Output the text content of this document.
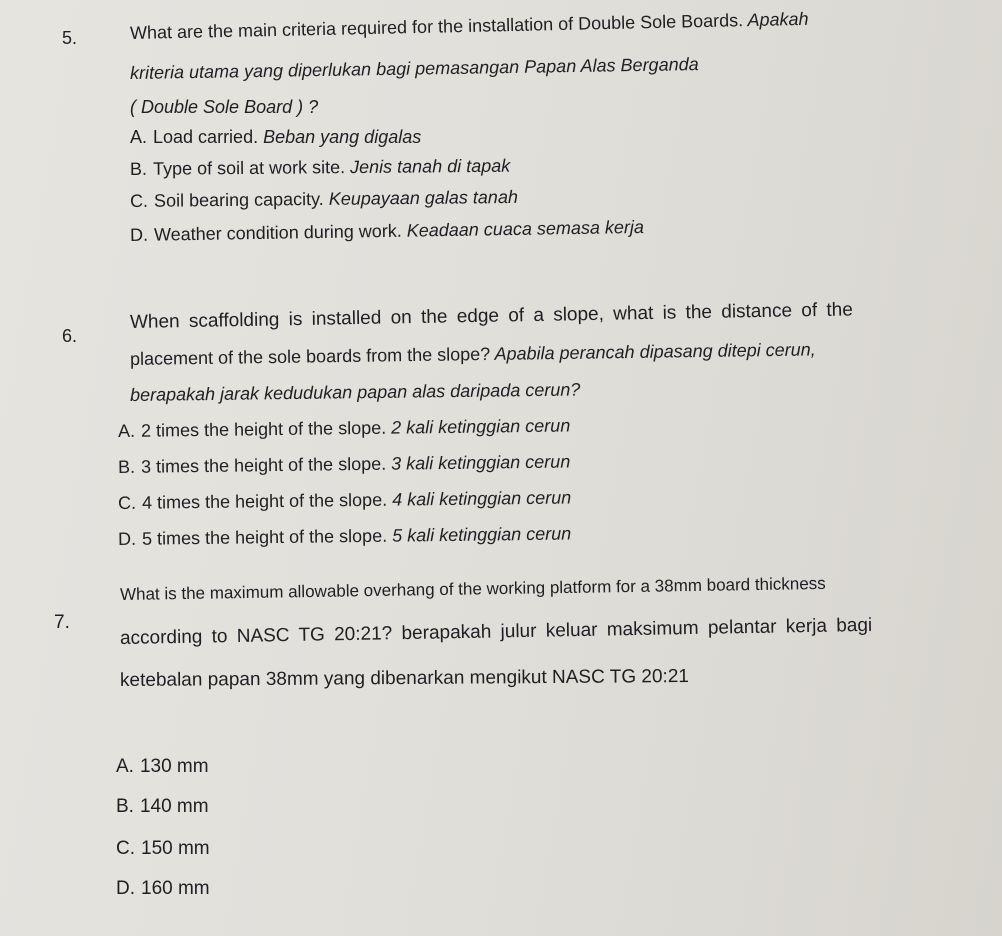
5.	What are the main criteria required for the installation of Double Sole Boards. Apakah
kriteria utama yang diperlukan bagi pemasangan Papan Alas Berganda
( Double Sole Board ) ?
A. Load carried. Beban yang digalas
B. Type of soil at work site. Jenis tanah di tapak
C. Soil bearing capacity. Keupayaan galas tanah
D. Weather condition during work. Keadaan cuaca semasa kerja
6.
When scaffolding is installed on the edge of a slope, what is the distance of the
placement of the sole boards from the slope? Apabila perancah dipasang ditepi cerun,
berapakah jarak kedudukan papan alas daripada cerun?
A. 2 times the height of the slope. 2 kali ketinggian cerun
B. 3 times the height of the slope. 3 kali ketinggian cerun
C. 4 times the height of the slope. 4 kali ketinggian cerun
D. 5 times the height of the slope. 5 kali ketinggian cerun
7.
What is the maximum allowable overhang of the working platform for a 38mm board thickness
according to NASC TG 20:21? berapakah julur keluar maksimum pelantar kerja bagi
ketebalan papan 38mm yang dibenarkan mengikut NASC TG 20:21
A. 130 mm
B. 140 mm
C. 150 mm
D. 160 mm
